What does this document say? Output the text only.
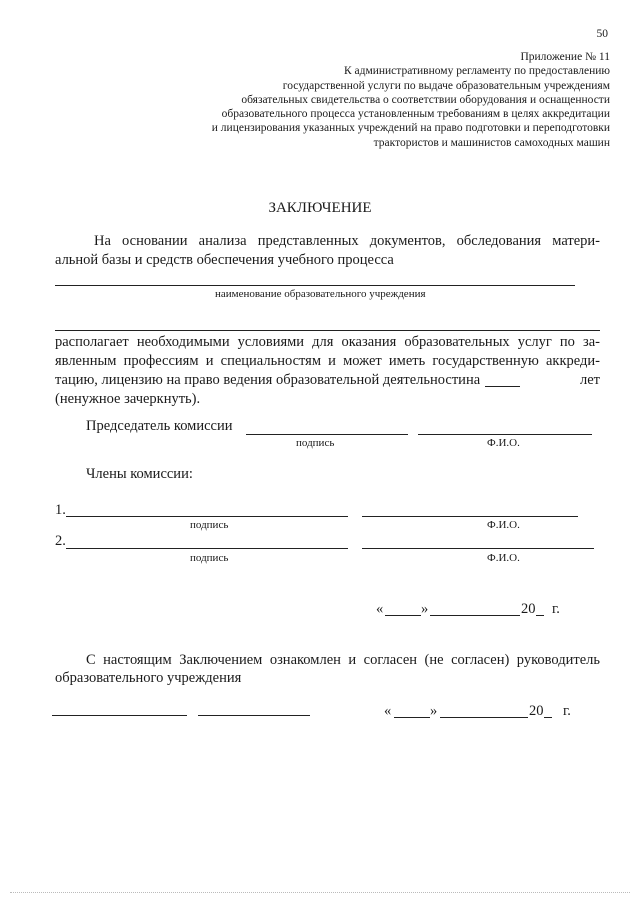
50
Приложение № 11
К административному регламенту по предоставлению
государственной услуги по выдаче образовательным учреждениям
обязательных свидетельства о соответствии оборудования и оснащенности
образовательного процесса установленным требованиям в целях аккредитации
и лицензирования указанных учреждений на право подготовки и переподготовки
трактористов и машинистов самоходных машин
ЗАКЛЮЧЕНИЕ
На основании анализа представленных документов, обследования матери-
альной базы и средств обеспечения учебного процесса
наименование образовательного учреждения
располагает необходимыми условиями для оказания образовательных услуг по за-
явленным профессиям и специальностям и может иметь государственную аккреди-
тацию, лицензию на право ведения образовательной деятельности на	лет
(ненужное зачеркнуть).
Председатель комиссии
подпись	Ф.И.О.
Члены комиссии:
1.
подпись	Ф.И.О.
2.
подпись	Ф.И.О.
«	»	20 г.
С настоящим Заключением ознакомлен и согласен (не согласен) руководитель
образовательного учреждения
«	»	20 г.
